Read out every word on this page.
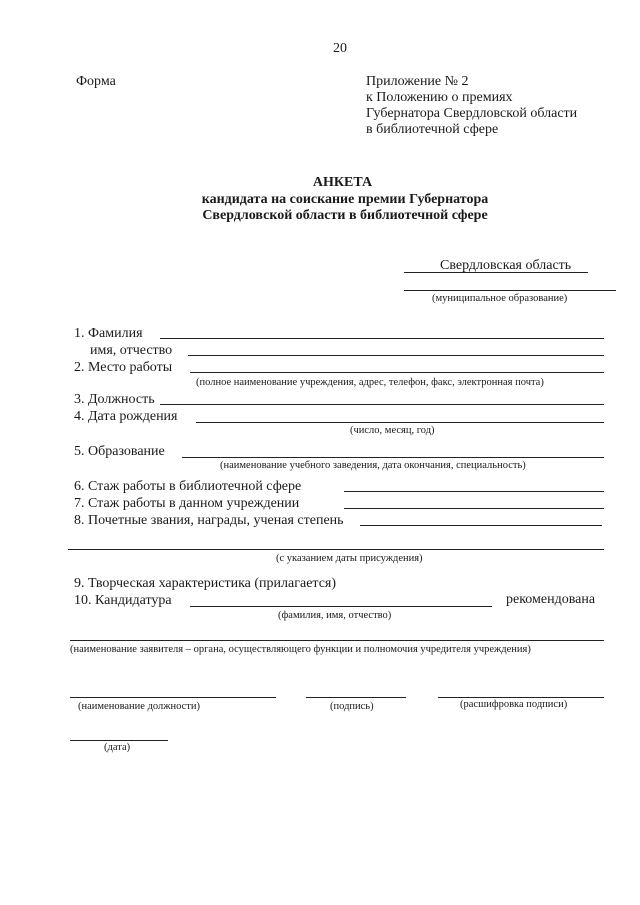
20
Форма	Приложение № 2
к Положению о премиях
Губернатора Свердловской области
в библиотечной сфере
АНКЕТА
кандидата на соискание премии Губернатора
Свердловской области в библиотечной сфере
Свердловская область
(муниципальное образование)
1. Фамилия
имя, отчество
2. Место работы
(полное наименование учреждения, адрес, телефон, факс, электронная почта)
3. Должность
4. Дата рождения
(число, месяц, год)
5. Образование
(наименование учебного заведения, дата окончания, специальность)
6. Стаж работы в библиотечной сфере
7. Стаж работы в данном учреждении
8. Почетные звания, награды, ученая степень
(с указанием даты присуждения)
9. Творческая характеристика (прилагается)
10. Кандидатура	рекомендована
(фамилия, имя, отчество)
(наименование заявителя – органа, осуществляющего функции и полномочия учредителя учреждения)
(наименование должности)	(подпись)	(расшифровка подписи)
(дата)
